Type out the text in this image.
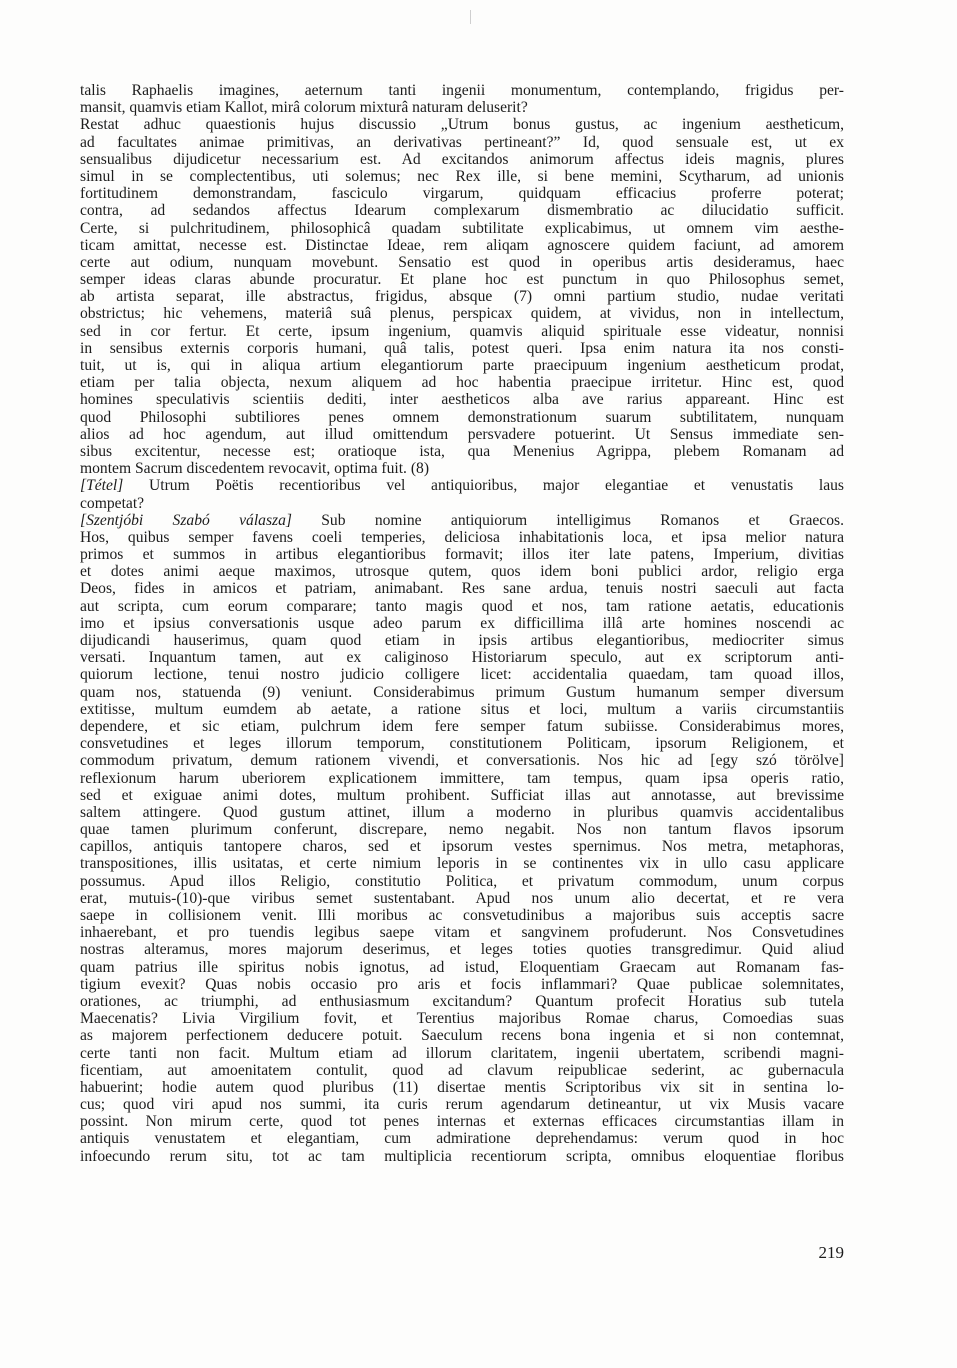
talis Raphaelis imagines, aeternum tanti ingenii monumentum, contemplando, frigidus per-
mansit, quamvis etiam Kallot, mirâ colorum mixturâ naturam deluserit?
Restat adhuc quaestionis hujus discussio „Utrum bonus gustus, ac ingenium aestheticum,
ad facultates animae primitivas, an derivativas pertineant?” Id, quod sensuale est, ut ex
sensualibus dijudicetur necessarium est. Ad excitandos animorum affectus ideis magnis, plures
simul in se complectentibus, uti solemus; nec Rex ille, si bene memini, Scytharum, ad unionis
fortitudinem demonstrandam, fasciculo virgarum, quidquam efficacius proferre poterat;
contra, ad sedandos affectus Idearum complexarum dismembratio ac dilucidatio sufficit.
Certe, si pulchritudinem, philosophicâ quadam subtilitate explicabimus, ut omnem vim aesthe-
ticam amittat, necesse est. Distinctae Ideae, rem aliqam agnoscere quidem faciunt, ad amorem
certe aut odium, nunquam movebunt. Sensatio est quod in operibus artis desideramus, haec
semper ideas claras abunde procuratur. Et plane hoc est punctum in quo Philosophus semet,
ab artista separat, ille abstractus, frigidus, absque (7) omni partium studio, nudae veritati
obstrictus; hic vehemens, materiâ suâ plenus, perspicax quidem, at vividus, non in intellectum,
sed in cor fertur. Et certe, ipsum ingenium, quamvis aliquid spirituale esse videatur, nonnisi
in sensibus externis corporis humani, quâ talis, potest queri. Ipsa enim natura ita nos consti-
tuit, ut is, qui in aliqua artium elegantiorum parte praecipuum ingenium aestheticum prodat,
etiam per talia objecta, nexum aliquem ad hoc habentia praecipue irritetur. Hinc est, quod
homines speculativis scientiis dediti, inter aestheticos alba ave rarius appareant. Hinc est
quod Philosophi subtiliores penes omnem demonstrationum suarum subtilitatem, nunquam
alios ad hoc agendum, aut illud omittendum persvadere potuerint. Ut Sensus immediate sen-
sibus excitentur, necesse est; oratioque ista, qua Menenius Agrippa, plebem Romanam ad
montem Sacrum discedentem revocavit, optima fuit. (8)
[Tétel] Utrum Poëtis recentioribus vel antiquioribus, major elegantiae et venustatis laus
competat?
[Szentjóbi Szabó válasza] Sub nomine antiquiorum intelligimus Romanos et Graecos.
Hos, quibus semper favens coeli temperies, deliciosa inhabitationis loca, et ipsa melior natura
primos et summos in artibus elegantioribus formavit; illos iter late patens, Imperium, divitias
et dotes animi aeque maximos, utrosque qutem, quos idem boni publici ardor, religio erga
Deos, fides in amicos et patriam, animabant. Res sane ardua, tenuis nostri saeculi aut facta
aut scripta, cum eorum comparare; tanto magis quod et nos, tam ratione aetatis, educationis
imo et ipsius conversationis usque adeo parum ex difficillima illâ arte homines noscendi ac
dijudicandi hauserimus, quam quod etiam in ipsis artibus elegantioribus, mediocriter simus
versati. Inquantum tamen, aut ex caliginoso Historiarum speculo, aut ex scriptorum anti-
quiorum lectione, tenui nostro judicio colligere licet: accidentalia quaedam, tam quoad illos,
quam nos, statuenda (9) veniunt. Considerabimus primum Gustum humanum semper diversum
extitisse, multum eumdem ab aetate, a ratione situs et loci, multum a variis circumstantiis
dependere, et sic etiam, pulchrum idem fere semper fatum subiisse. Considerabimus mores,
consvetudines et leges illorum temporum, constitutionem Politicam, ipsorum Religionem, et
commodum privatum, demum rationem vivendi, et conversationis. Nos hic ad [egy szó törölve]
reflexionum harum uberiorem explicationem immittere, tam tempus, quam ipsa operis ratio,
sed et exiguae animi dotes, multum prohibent. Sufficiat illas aut annotasse, aut brevissime
saltem attingere. Quod gustum attinet, illum a moderno in pluribus quamvis accidentalibus
quae tamen plurimum conferunt, discrepare, nemo negabit. Nos non tantum flavos ipsorum
capillos, antiquis tantopere charos, sed et ipsorum vestes spernimus. Nos metra, metaphoras,
transpositiones, illis usitatas, et certe nimium leporis in se continentes vix in ullo casu applicare
possumus. Apud illos Religio, constitutio Politica, et privatum commodum, unum corpus
erat, mutuis-(10)-que viribus semet sustentabant. Apud nos unum alio decertat, et re vera
saepe in collisionem venit. Illi moribus ac consvetudinibus a majoribus suis acceptis sacre
inhaerebant, et pro tuendis legibus saepe vitam et sangvinem profuderunt. Nos Consvetudines
nostras alteramus, mores majorum deserimus, et leges toties quoties transgredimur. Quid aliud
quam patrius ille spiritus nobis ignotus, ad istud, Eloquentiam Graecam aut Romanam fas-
tigium evexit? Quas nobis occasio pro aris et focis inflammari? Quae publicae solemnitates,
orationes, ac triumphi, ad enthusiasmum excitandum? Quantum profecit Horatius sub tutela
Maecenatis? Livia Virgilium fovit, et Terentius majoribus Romae charus, Comoedias suas
as majorem perfectionem deducere potuit. Saeculum recens bona ingenia et si non contemnat,
certe tanti non facit. Multum etiam ad illorum claritatem, ingenii ubertatem, scribendi magni-
ficentiam, aut amoenitatem contulit, quod ad clavum reipublicae sederint, ac gubernacula
habuerint; hodie autem quod pluribus (11) disertae mentis Scriptoribus vix sit in sentina lo-
cus; quod viri apud nos summi, ita curis rerum agendarum detineantur, ut vix Musis vacare
possint. Non mirum certe, quod tot penes internas et externas efficaces circumstantias illam in
antiquis venustatem et elegantiam, cum admiratione deprehendamus: verum quod in hoc
infoecundo rerum situ, tot ac tam multiplicia recentiorum scripta, omnibus eloquentiae floribus
219
